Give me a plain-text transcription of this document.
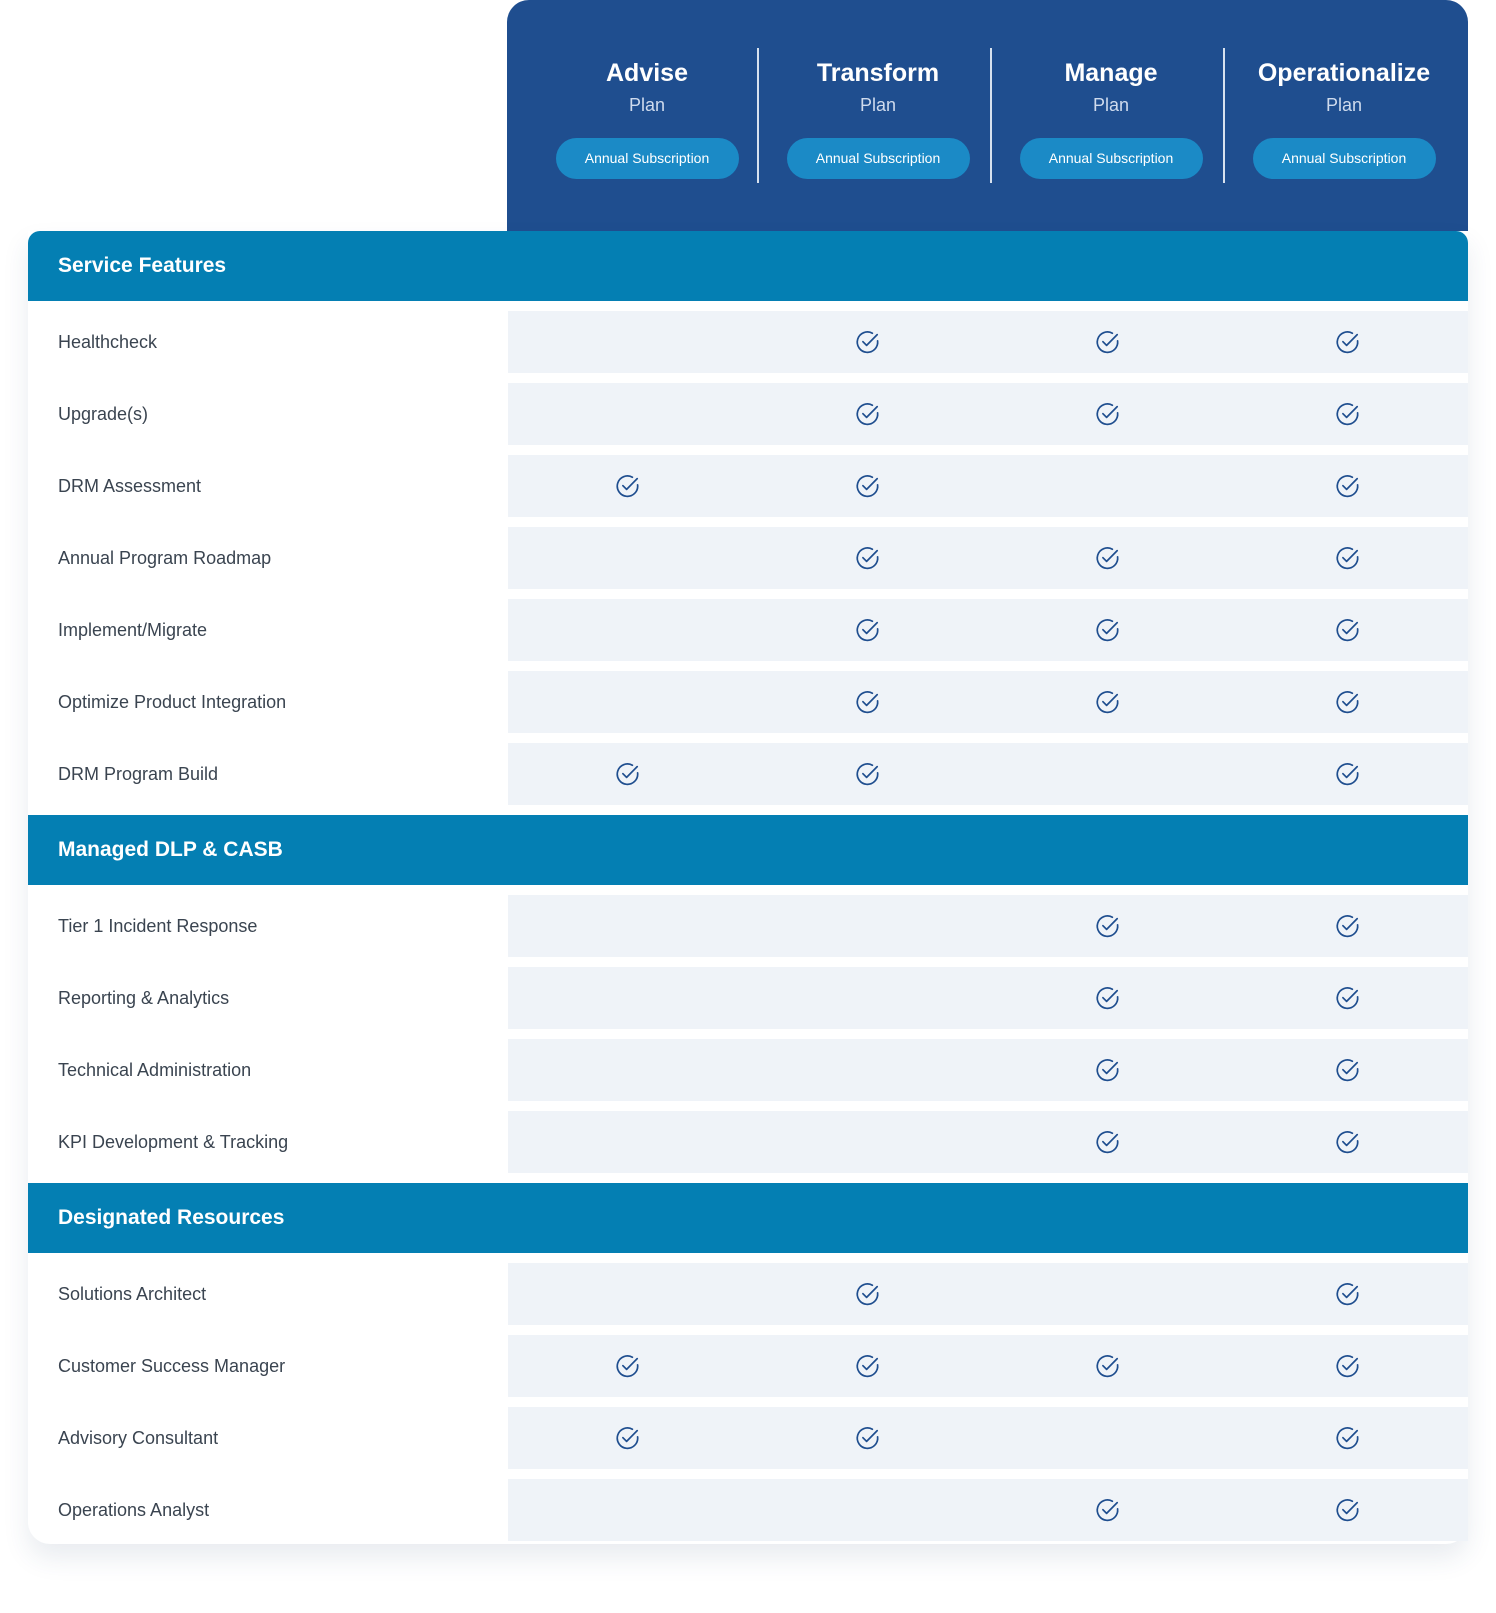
Advise
Plan
Annual Subscription
Transform
Plan
Annual Subscription
Manage
Plan
Annual Subscription
Operationalize
Plan
Annual Subscription
Service Features
Healthcheck
Upgrade(s)
DRM Assessment
Annual Program Roadmap
Implement/Migrate
Optimize Product Integration
DRM Program Build
Managed DLP & CASB
Tier 1 Incident Response
Reporting & Analytics
Technical Administration
KPI Development & Tracking
Designated Resources
Solutions Architect
Customer Success Manager
Advisory Consultant
Operations Analyst
